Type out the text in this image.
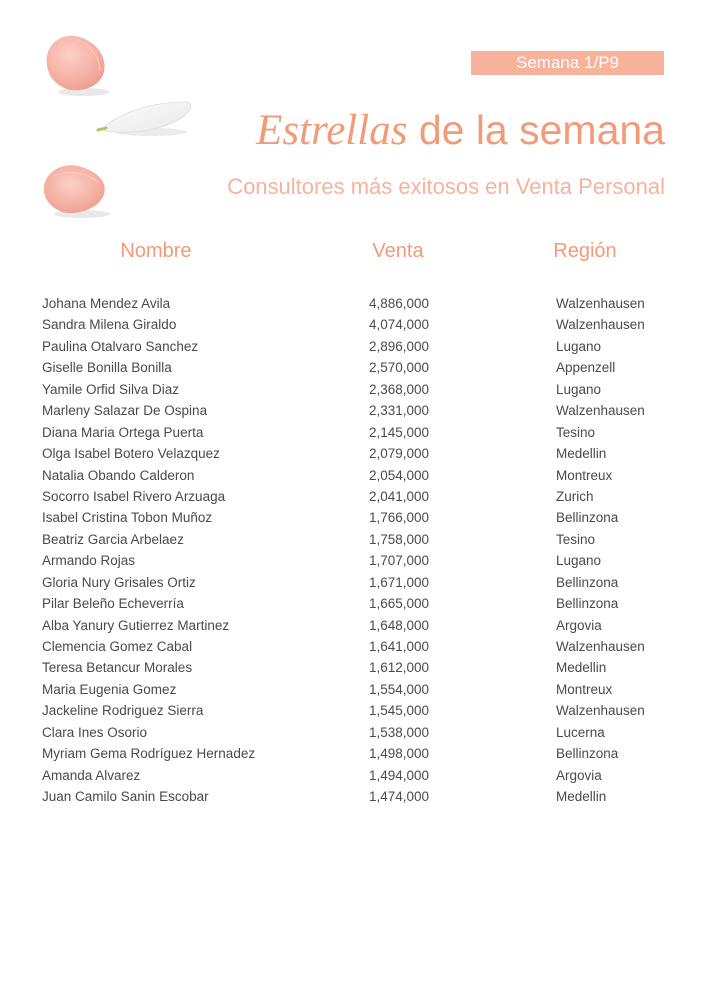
Semana 1/P9
Estrellas de la semana
Consultores más exitosos en Venta Personal
Nombre	Venta	Región
Johana Mendez Avila	4,886,000	Walzenhausen
Sandra Milena Giraldo	4,074,000	Walzenhausen
Paulina Otalvaro Sanchez	2,896,000	Lugano
Giselle Bonilla Bonilla	2,570,000	Appenzell
Yamile Orfid Silva Diaz	2,368,000	Lugano
Marleny Salazar De Ospina	2,331,000	Walzenhausen
Diana Maria Ortega Puerta	2,145,000	Tesino
Olga Isabel Botero Velazquez	2,079,000	Medellin
Natalia Obando Calderon	2,054,000	Montreux
Socorro Isabel Rivero Arzuaga	2,041,000	Zurich
Isabel Cristina Tobon Muñoz	1,766,000	Bellinzona
Beatriz Garcia Arbelaez	1,758,000	Tesino
Armando Rojas	1,707,000	Lugano
Gloria Nury Grisales Ortiz	1,671,000	Bellinzona
Pilar Beleño Echeverría	1,665,000	Bellinzona
Alba Yanury Gutierrez Martinez	1,648,000	Argovia
Clemencia Gomez Cabal	1,641,000	Walzenhausen
Teresa Betancur Morales	1,612,000	Medellin
Maria Eugenia Gomez	1,554,000	Montreux
Jackeline Rodriguez Sierra	1,545,000	Walzenhausen
Clara Ines Osorio	1,538,000	Lucerna
Myriam Gema Rodríguez Hernadez	1,498,000	Bellinzona
Amanda Alvarez	1,494,000	Argovia
Juan Camilo Sanin Escobar	1,474,000	Medellin
